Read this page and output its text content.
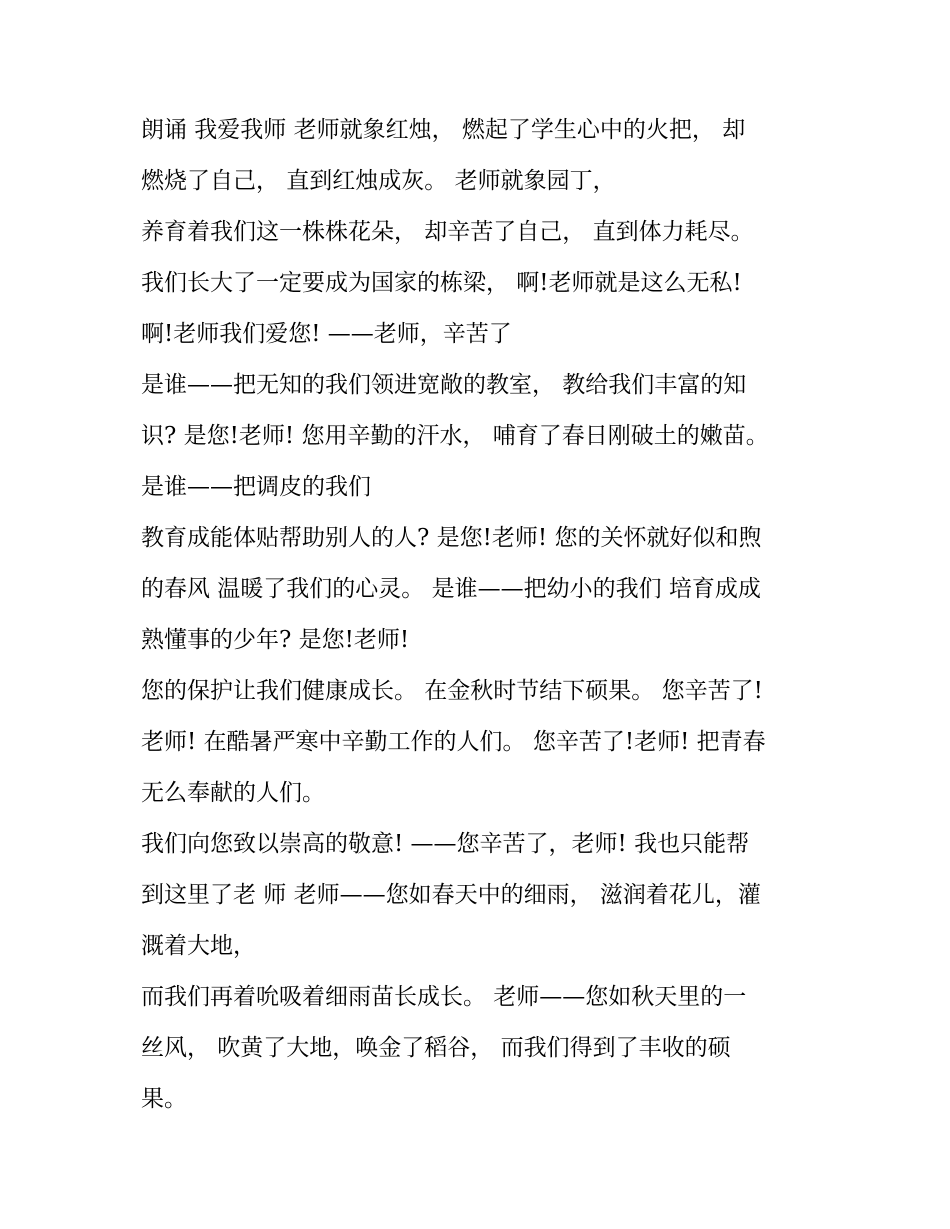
朗诵 我爱我师 老师就象红烛， 燃起了学生心中的火把， 却
燃烧了自己， 直到红烛成灰。 老师就象园丁，
养育着我们这一株株花朵， 却辛苦了自己， 直到体力耗尽。
我们长大了一定要成为国家的栋梁， 啊!老师就是这么无私!
啊!老师我们爱您! ——老师，辛苦了
是谁——把无知的我们领进宽敞的教室， 教给我们丰富的知
识? 是您!老师! 您用辛勤的汗水， 哺育了春日刚破土的嫩苗。
是谁——把调皮的我们
教育成能体贴帮助别人的人? 是您!老师! 您的关怀就好似和煦
的春风 温暖了我们的心灵。 是谁——把幼小的我们 培育成成
熟懂事的少年? 是您!老师!
您的保护让我们健康成长。 在金秋时节结下硕果。 您辛苦了!
老师! 在酷暑严寒中辛勤工作的人们。 您辛苦了!老师! 把青春
无么奉献的人们。
我们向您致以崇高的敬意! ——您辛苦了，老师! 我也只能帮
到这里了老 师 老师——您如春天中的细雨， 滋润着花儿，灌
溉着大地，
而我们再着吮吸着细雨苗长成长。 老师——您如秋天里的一
丝风， 吹黄了大地，唤金了稻谷， 而我们得到了丰收的硕
果。
